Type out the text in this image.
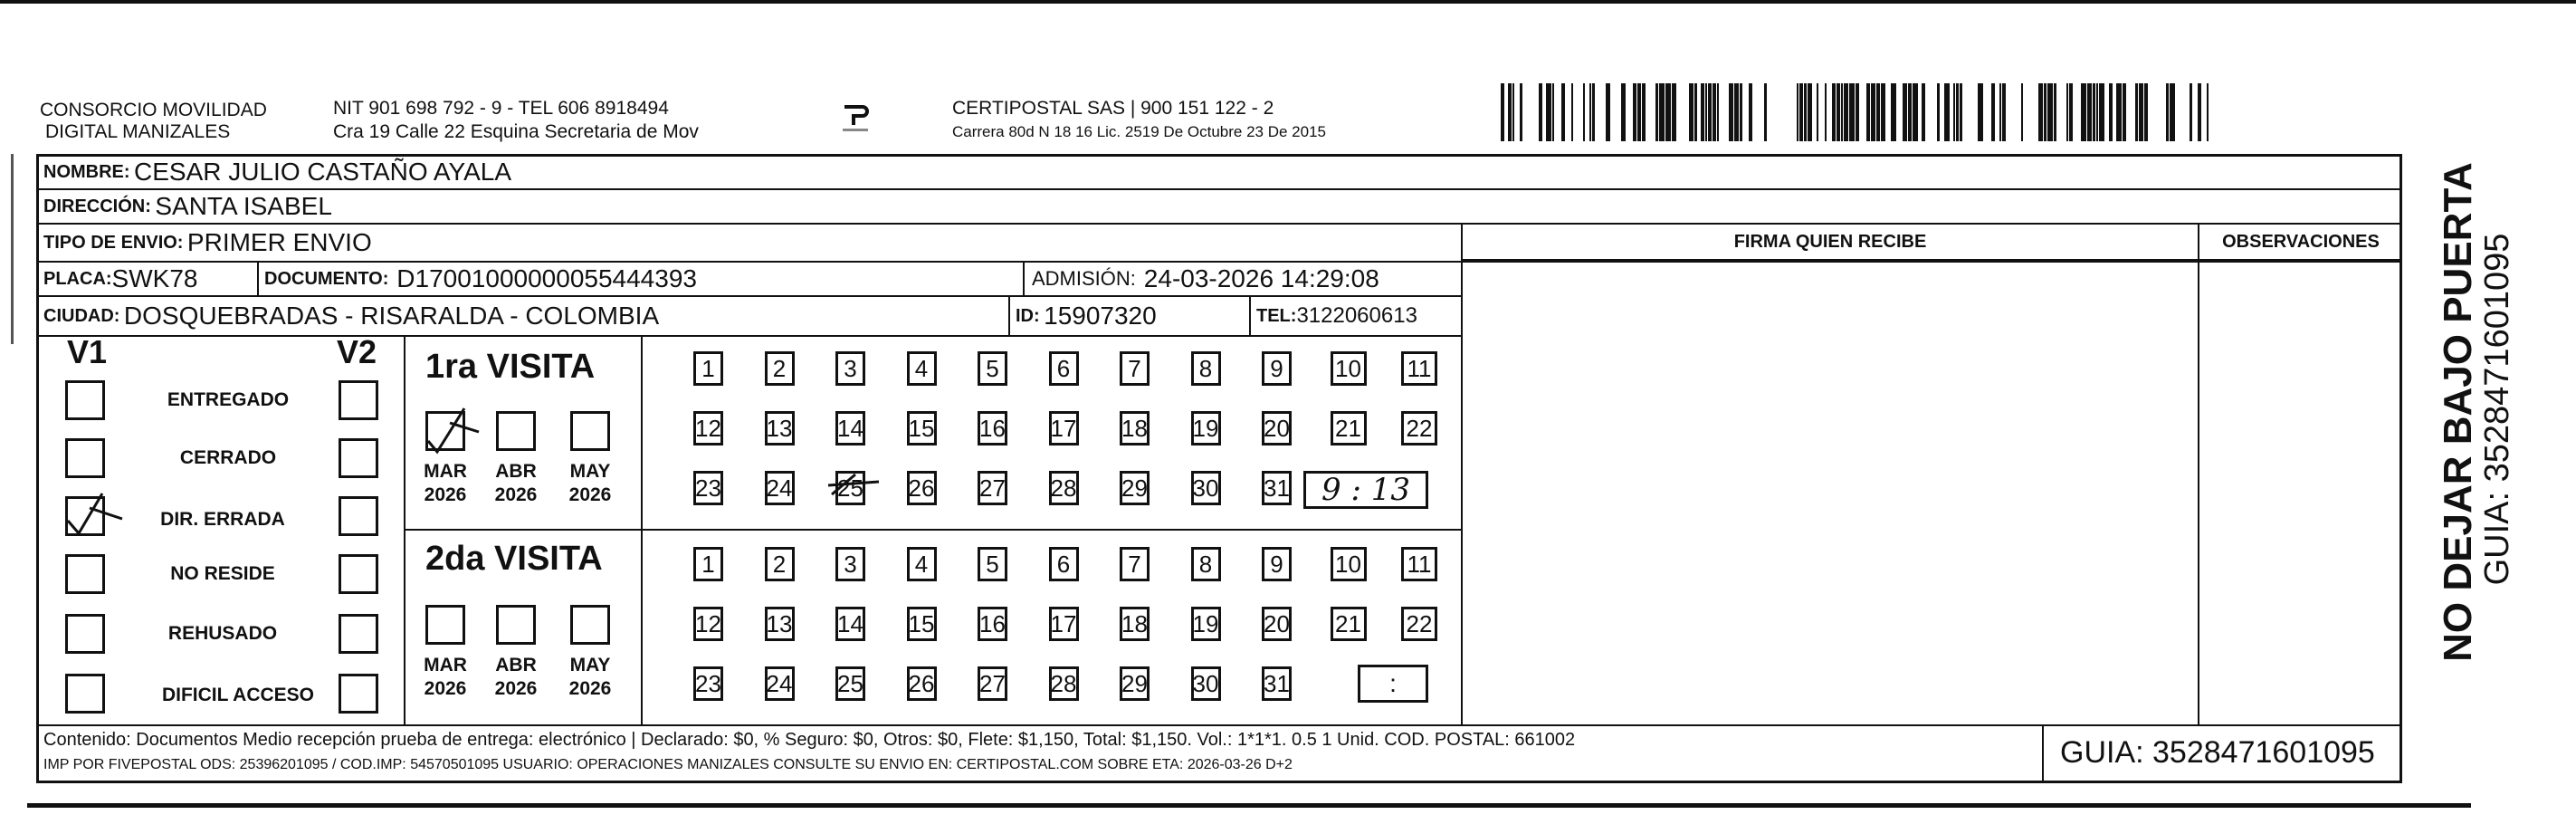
CONSORCIO MOVILIDAD
DIGITAL MANIZALES
NIT 901 698 792 - 9 - TEL 606 8918494
Cra 19 Calle 22 Esquina Secretaria de Mov
CERTIPOSTAL SAS | 900 151 122 - 2
Carrera 80d N 18 16 Lic. 2519 De Octubre 23 De 2015
NOMBRE:
CESAR JULIO CASTAÑO AYALA
DIRECCIÓN:
SANTA ISABEL
TIPO DE ENVIO:
PRIMER ENVIO	FIRMA QUIEN RECIBE	OBSERVACIONES
PLACA: SWK78	DOCUMENTO:
D17001000000055444393	ADMISIÓN:
24-03-2026 14:29:08
CIUDAD:
DOSQUEBRADAS - RISARALDA - COLOMBIA	ID:
15907320	TEL: 3122060613
V1	V2
ENTREGADO
CERRADO
DIR. ERRADA
NO RESIDE
REHUSADO
DIFICIL ACCESO
1ra VISITA
MAR
2026
ABR
2026
MAY
2026
1	2	3	4	5	6	7	8	9	10 11
12 13 14 15 16 17 18 19 20 21 22
23 24 25 26 27 28 29 30 31 9 : 13
2da VISITA
MAR
2026
ABR
2026
MAY
2026
1	2	3	4	5	6	7	8	9	10 11
12 13 14 15 16 17 18 19 20 21 22
23 24 25 26 27 28 29 30 31	:
Contenido: Documentos Medio recepción prueba de entrega: electrónico | Declarado: $0, % Seguro: $0, Otros: $0, Flete: $1,150, Total: $1,150. Vol.: 1*1*1. 0.5 1 Unid. COD. POSTAL: 661002
IMP POR FIVEPOSTAL ODS: 25396201095 / COD.IMP: 54570501095 USUARIO: OPERACIONES MANIZALES CONSULTE SU ENVIO EN: CERTIPOSTAL.COM SOBRE ETA: 2026-03-26 D+2	GUIA: 3528471601095
NO DEJAR BAJO PUERTA
GUIA: 3528471601095
